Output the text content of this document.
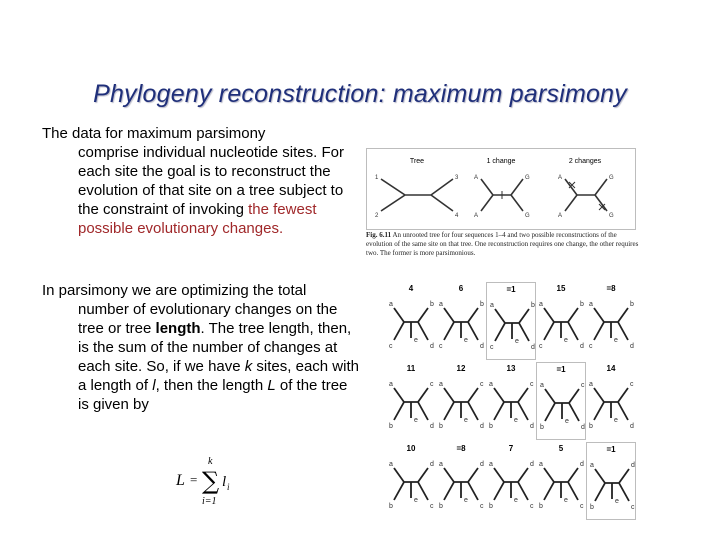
Phylogeny reconstruction: maximum parsimony
The data for maximum parsimony
comprise individual nucleotide sites. For each site the goal is to reconstruct the evolution of that site on a tree subject to the constraint of invoking the fewest possible evolutionary changes.
In parsimony we are optimizing the total
number of evolutionary changes on the tree or tree length. The tree length, then, is the sum of the number of changes at each site. So, if we have k sites, each with a length of l, then the length L of the tree is given by
L = ∑
k
i=1
l i
Tree	1 change	2 changes
1	3
2	4
A	G
A	G
A	G
A	G
Fig. 6.11 An unrooted tree for four sequences 1–4 and two possible reconstructions of the evolution of the same site on that tree. One reconstruction requires one change, the other requires two. The former is more parsimonious.
4
a	b
c	d
e
6
a	b
c	d
e
=1
a	b
c	d
e
15
a	b
c	d
e
=8
a	b
c	d
e
11
a	c
b	d
e
12
a	c
b	d
e
13
a	c
b	d
e
=1
a	c
b	d
e
14
a	c
b	d
e
10
a	d
b	c
e
=8
a	d
b	c
e
7
a	d
b	c
e
5
a	d
b	c
e
=1
a	d
b	c
e
